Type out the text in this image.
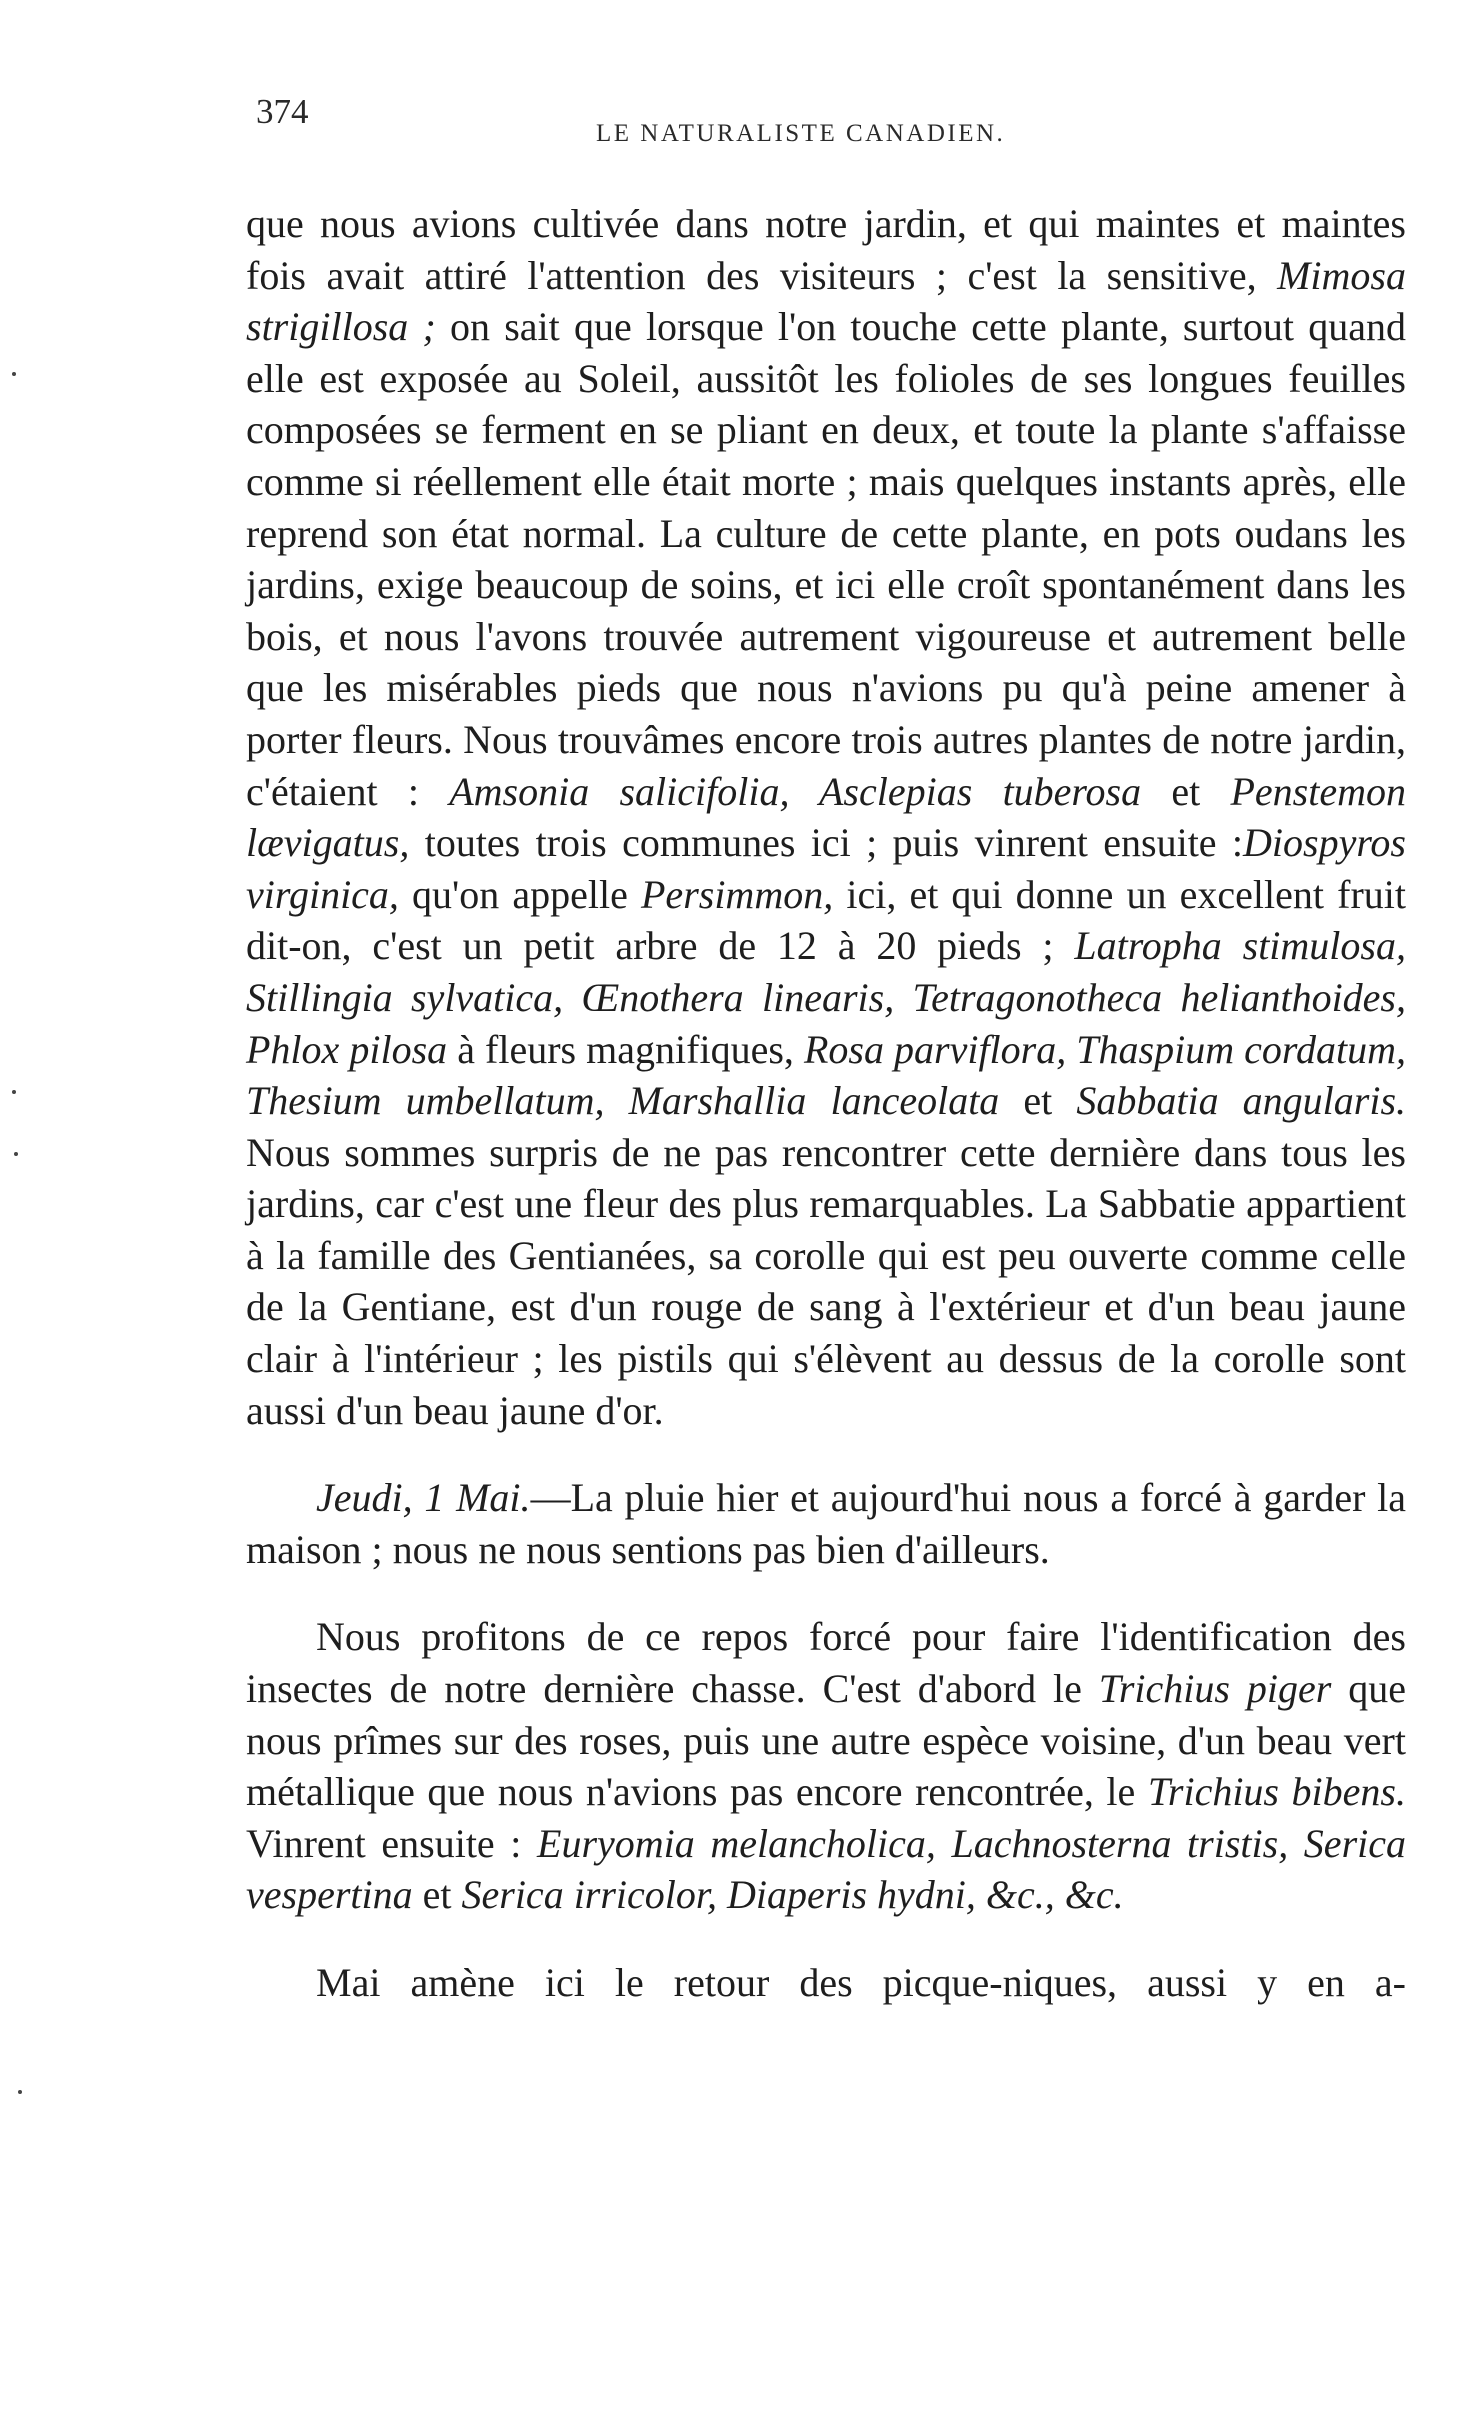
374
LE NATURALISTE CANADIEN.

que nous avions cultivée dans notre jardin, et qui maintes et maintes fois avait attiré l'attention des visiteurs ; c'est la sensitive, Mimosa strigillosa ; on sait que lorsque l'on touche cette plante, surtout quand elle est exposée au Soleil, aussitôt les folioles de ses longues feuilles composées se ferment en se pliant en deux, et toute la plante s'affaisse comme si réellement elle était morte ; mais quelques instants après, elle reprend son état normal. La culture de cette plante, en pots oudans les jardins, exige beaucoup de soins, et ici elle croît spontanément dans les bois, et nous l'avons trouvée autrement vigoureuse et autrement belle que les misérables pieds que nous n'avions pu qu'à peine amener à porter fleurs. Nous trouvâmes encore trois autres plantes de notre jardin, c'étaient : Amsonia salicifolia, Asclepias tuberosa et Penstemon lævigatus, toutes trois communes ici ; puis vinrent ensuite :Diospyros virginica, qu'on appelle Persimmon, ici, et qui donne un excellent fruit dit-on, c'est un petit arbre de 12 à 20 pieds ; Latropha stimulosa, Stillingia sylvatica, Œnothera linearis, Tetragonotheca helianthoides, Phlox pilosa à fleurs magnifiques, Rosa parviflora, Thaspium cordatum, Thesium umbellatum, Marshallia lanceolata et Sabbatia angularis. Nous sommes surpris de ne pas rencontrer cette dernière dans tous les jardins, car c'est une fleur des plus remarquables. La Sabbatie appartient à la famille des Gentianées, sa corolle qui est peu ouverte comme celle de la Gentiane, est d'un rouge de sang à l'extérieur et d'un beau jaune clair à l'intérieur ; les pistils qui s'élèvent au dessus de la corolle sont aussi d'un beau jaune d'or.

Jeudi, 1 Mai.—La pluie hier et aujourd'hui nous a forcé à garder la maison ; nous ne nous sentions pas bien d'ailleurs.

Nous profitons de ce repos forcé pour faire l'identification des insectes de notre dernière chasse. C'est d'abord le Trichius piger que nous prîmes sur des roses, puis une autre espèce voisine, d'un beau vert métallique que nous n'avions pas encore rencontrée, le Trichius bibens. Vinrent ensuite : Euryomia melancholica, Lachnosterna tristis, Serica vespertina et Serica irricolor, Diaperis hydni, &c., &c.

Mai amène ici le retour des picque-niques, aussi y en a-
